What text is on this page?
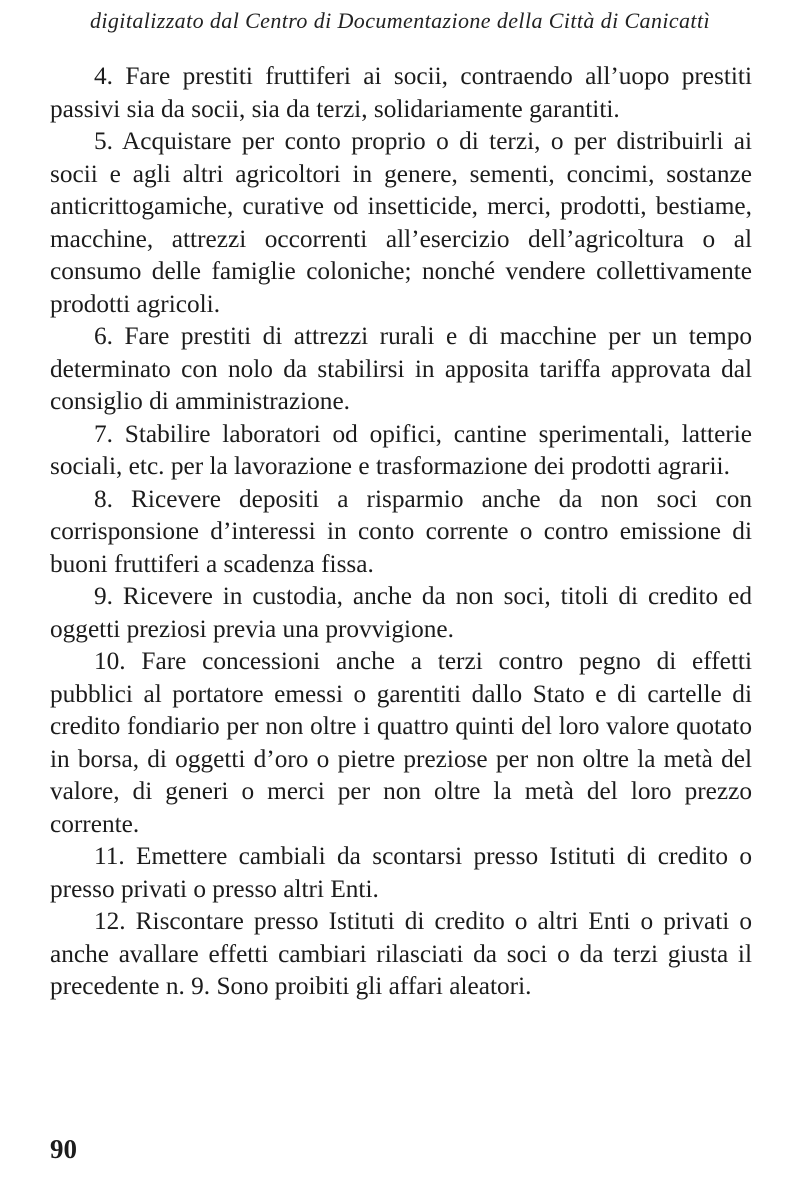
digitalizzato dal Centro di Documentazione della Città di Canicattì

4. Fare prestiti fruttiferi ai socii, contraendo all’uopo prestiti passivi sia da socii, sia da terzi, solidariamente garantiti.

5. Acquistare per conto proprio o di terzi, o per distribuirli ai socii e agli altri agricoltori in genere, sementi, concimi, sostanze anticrittogamiche, curative od insetticide, merci, prodotti, bestiame, macchine, attrezzi occorrenti all’esercizio dell’agricoltura o al consumo delle famiglie coloniche; nonché vendere collettivamente prodotti agricoli.

6. Fare prestiti di attrezzi rurali e di macchine per un tempo determinato con nolo da stabilirsi in apposita tariffa approvata dal consiglio di amministrazione.

7. Stabilire laboratori od opifici, cantine sperimentali, latterie sociali, etc. per la lavorazione e trasformazione dei prodotti agrarii.

8. Ricevere depositi a risparmio anche da non soci con corrisponsione d’interessi in conto corrente o contro emissione di buoni fruttiferi a scadenza fissa.

9. Ricevere in custodia, anche da non soci, titoli di credito ed oggetti preziosi previa una provvigione.

10. Fare concessioni anche a terzi contro pegno di effetti pubblici al portatore emessi o garentiti dallo Stato e di cartelle di credito fondiario per non oltre i quattro quinti del loro valore quotato in borsa, di oggetti d’oro o pietre preziose per non oltre la metà del valore, di generi o merci per non oltre la metà del loro prezzo corrente.

11. Emettere cambiali da scontarsi presso Istituti di credito o presso privati o presso altri Enti.

12. Riscontare presso Istituti di credito o altri Enti o privati o anche avallare effetti cambiari rilasciati da soci o da terzi giusta il precedente n. 9. Sono proibiti gli affari aleatori.

90
